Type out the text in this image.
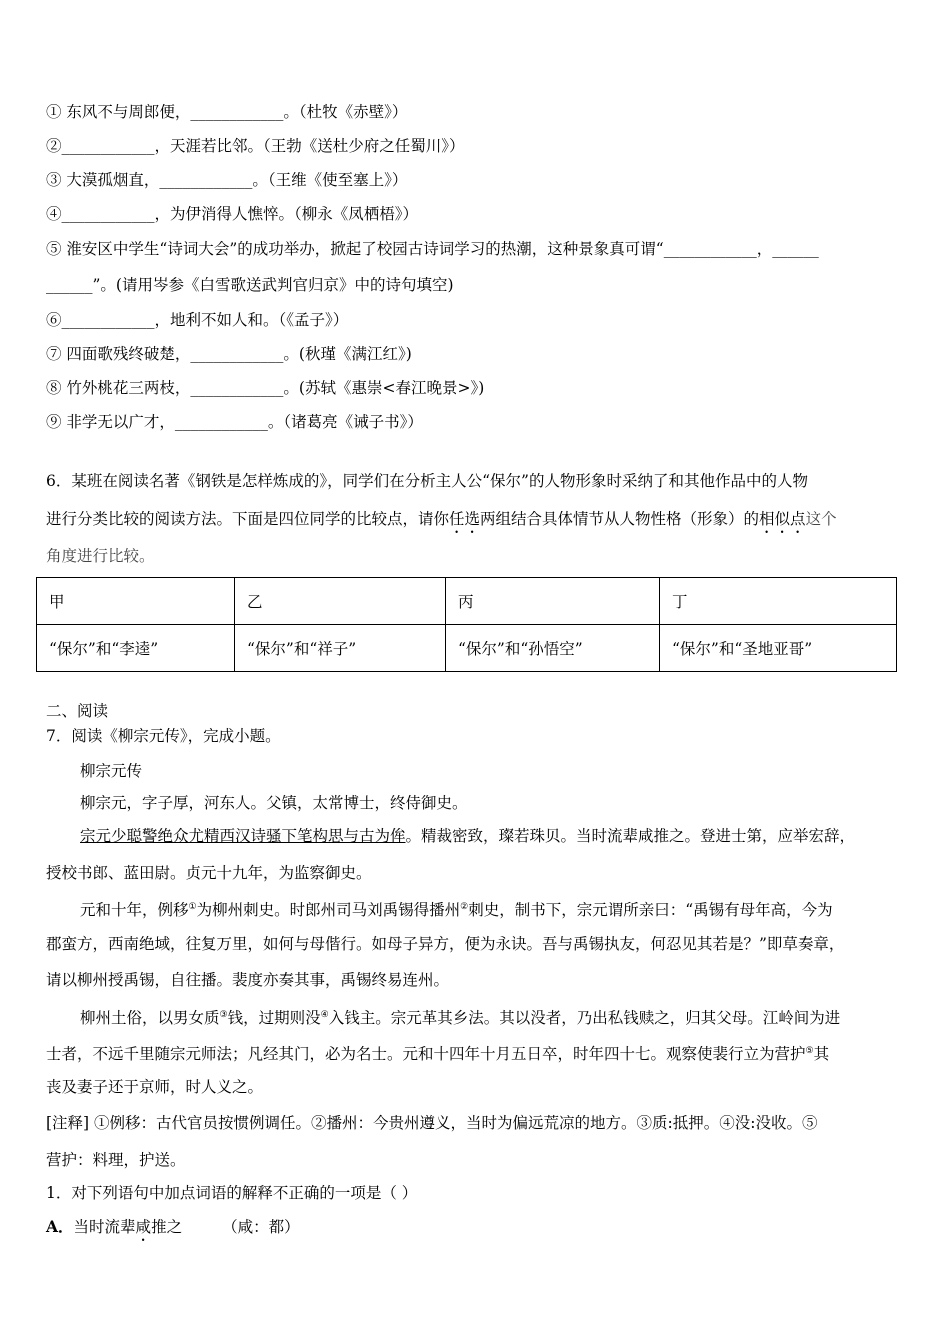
① 东风不与周郎便，____________。（杜牧《赤壁》）
②____________，天涯若比邻。（王勃《送杜少府之任蜀川》）
③ 大漠孤烟直，____________。（王维《使至塞上》）
④____________，为伊消得人憔悴。（柳永《凤栖梧》）
⑤ 淮安区中学生“诗词大会”的成功举办，掀起了校园古诗词学习的热潮，这种景象真可谓“____________，______
______”。(请用岑参《白雪歌送武判官归京》中的诗句填空)
⑥____________，地利不如人和。（《孟子》）
⑦ 四面歌残终破楚，____________。(秋瑾《满江红》)
⑧ 竹外桃花三两枝，____________。(苏轼《惠崇<春江晚景>》)
⑨ 非学无以广才，____________。（诸葛亮《诫子书》）
6．某班在阅读名著《钢铁是怎样炼成的》，同学们在分析主人公“保尔”的人物形象时采纳了和其他作品中的人物
进行分类比较的阅读方法。下面是四位同学的比较点，请你任选两组结合具体情节从人物性格（形象）的相似点这个
角度进行比较。
甲	乙	丙	丁
“保尔”和“李逵”	“保尔”和“祥子”	“保尔”和“孙悟空”	“保尔”和“圣地亚哥”
二、阅读
7．阅读《柳宗元传》，完成小题。
柳宗元传
柳宗元，字子厚，河东人。父镇，太常博士，终侍御史。
宗元少聪警绝众尤精西汉诗骚下笔构思与古为侔。精裁密致，璨若珠贝。当时流辈咸推之。登进士第，应举宏辞，
授校书郎、蓝田尉。贞元十九年，为监察御史。
元和十年，例移①为柳州刺史。时郎州司马刘禹锡得播州②刺史，制书下，宗元谓所亲曰：“禹锡有母年高，今为
郡蛮方，西南绝域，往复万里，如何与母偕行。如母子异方，便为永诀。吾与禹锡执友，何忍见其若是？”即草奏章，
请以柳州授禹锡，自往播。裴度亦奏其事，禹锡终易连州。
柳州土俗，以男女质③钱，过期则没④入钱主。宗元革其乡法。其以没者，乃出私钱赎之，归其父母。江岭间为进
士者，不远千里随宗元师法；凡经其门，必为名士。元和十四年十月五日卒，时年四十七。观察使裴行立为营护⑤其
丧及妻子还于京师，时人义之。
[注释] ①例移：古代官员按惯例调任。②播州：今贵州遵义，当时为偏远荒凉的地方。③质:抵押。④没:没收。⑤
营护：料理，护送。
1．对下列语句中加点词语的解释不正确的一项是（ ）
A．当时流辈咸推之	（咸：都）
